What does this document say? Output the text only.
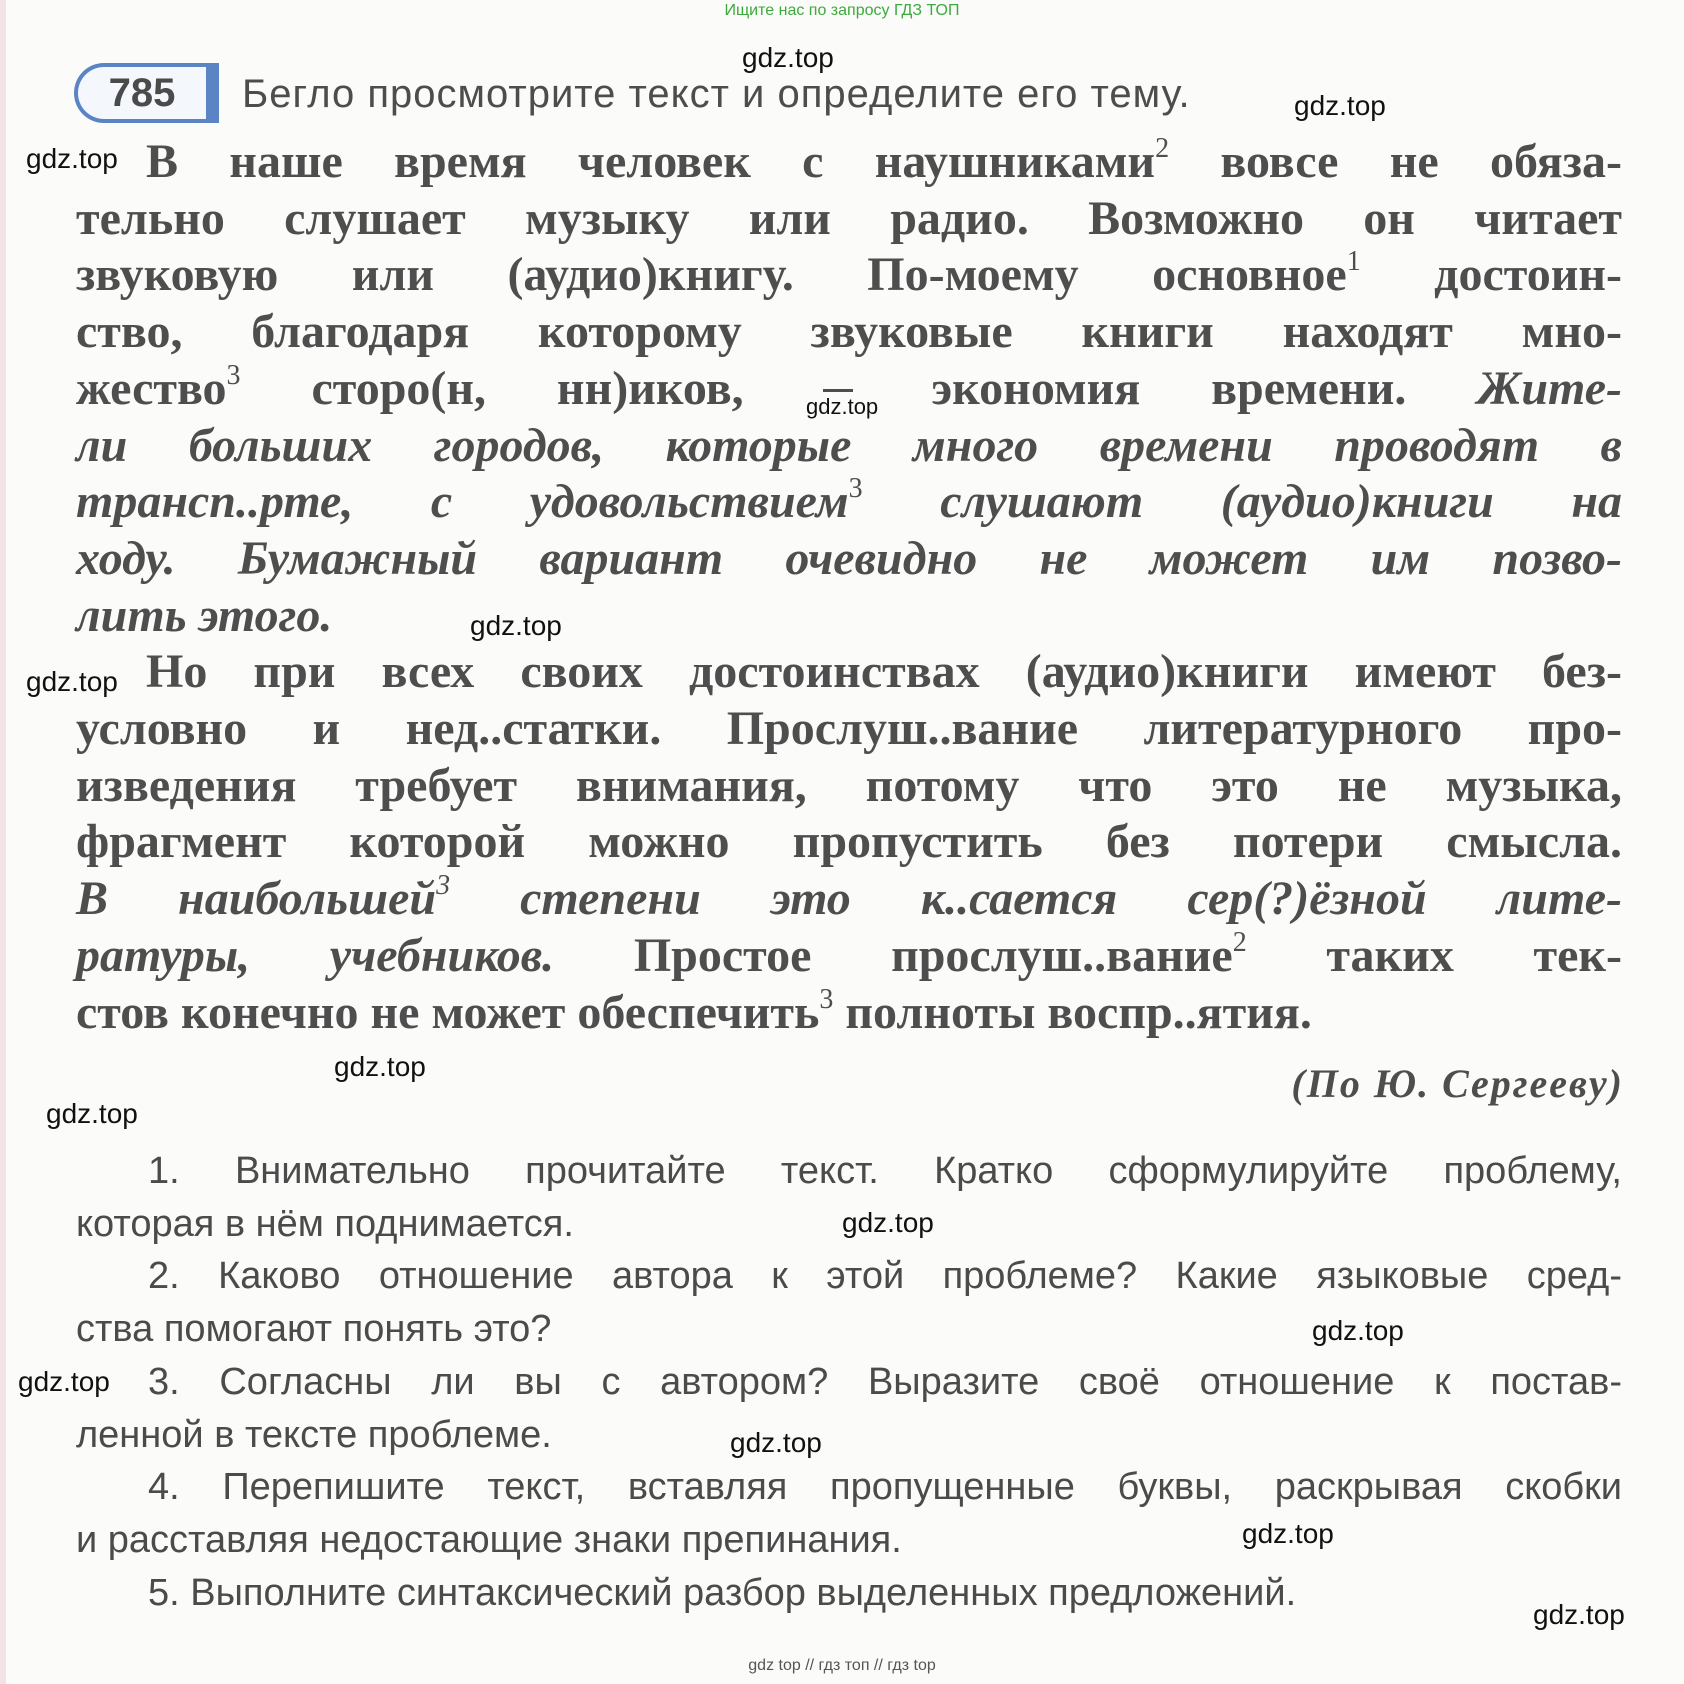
Ищите нас по запросу ГДЗ ТОП
785	Бегло просмотрите текст и определите его тему.
В наше время человек с наушниками$^2$ вовсе не обяза-
тельно слушает музыку или радио. Возможно он читает
звуковую или (аудио)книгу. По-моему основное$^1$ достоин-
ство, благодаря которому звуковые книги находят мно-
жество$^3$ сторо(н, нн)иков,	экономия времени. Жите-
ли больших городов, которые много времени проводят в
трансп..рте, с удовольствием$^3$ слушают (аудио)книги на
ходу. Бумажный вариант очевидно не может им позво-
лить этого.
Но при всех своих достоинствах (аудио)книги имеют без-
условно и нед..статки. Прослуш..вание литературного про-
изведения требует внимания, потому что это не музыка,
фрагмент которой можно пропустить без потери смысла.
В наибольшей$^3$ степени это к..сается сер(?)ёзной лите-
ратуры, учебников. Простое прослуш..вание$^2$ таких тек-
стов конечно не может обеспечить$^3$ полноты воспр..ятия.
(По Ю. Сергееву)
1. Внимательно прочитайте текст. Кратко сформулируйте проблему,
которая в нём поднимается.
2. Каково отношение автора к этой проблеме? Какие языковые сред-
ства помогают понять это?
3. Согласны ли вы с автором? Выразите своё отношение к постав-
ленной в тексте проблеме.
4. Перепишите текст, вставляя пропущенные буквы, раскрывая скобки
и расставляя недостающие знаки препинания.
5. Выполните синтаксический разбор выделенных предложений.
gdz.top
gdz.top
gdz.top
gdz.top
gdz.top
gdz.top
gdz.top
gdz.top
gdz.top
gdz.top
gdz.top
gdz.top
gdz.top
gdz.top
gdz top // гдз топ // гдз top
